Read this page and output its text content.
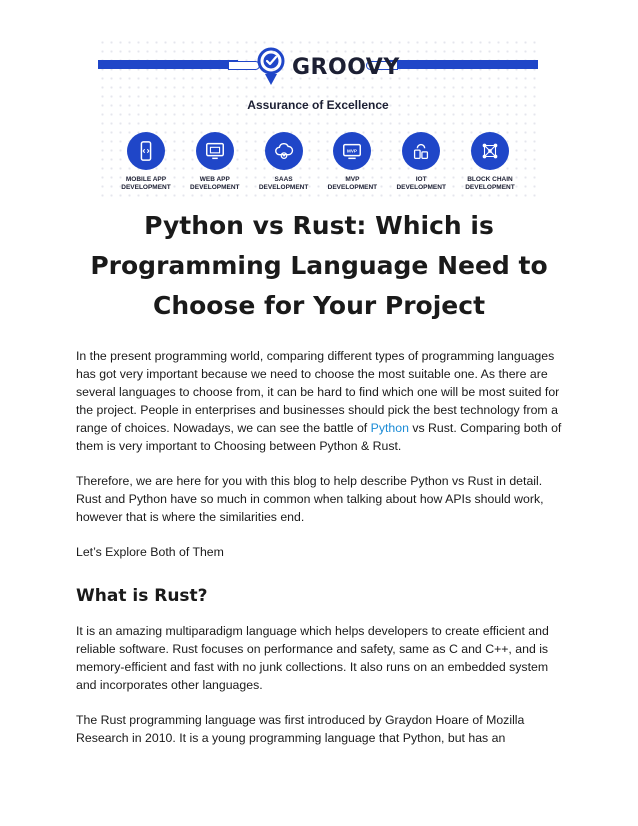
GROOVY
Assurance of Excellence
MOBILE APP
DEVELOPMENT
WEB APP
DEVELOPMENT
SAAS
DEVELOPMENT
MVP
MVP
DEVELOPMENT
IOT
DEVELOPMENT
BLOCK CHAIN
DEVELOPMENT
Python vs Rust: Which is Programming Language Need to Choose for Your Project

In the present programming world, comparing different types of programming languages has got very important because we need to choose the most suitable one. As there are several languages to choose from, it can be hard to find which one will be most suited for the project. People in enterprises and businesses should pick the best technology from a range of choices. Nowadays, we can see the battle of Python vs Rust. Comparing both of them is very important to Choosing between Python & Rust.

Therefore, we are here for you with this blog to help describe Python vs Rust in detail. Rust and Python have so much in common when talking about how APIs should work, however that is where the similarities end.

Let’s Explore Both of Them

What is Rust?

It is an amazing multiparadigm language which helps developers to create efficient and reliable software. Rust focuses on performance and safety, same as C and C++, and is memory-efficient and fast with no junk collections. It also runs on an embedded system and incorporates other languages.

The Rust programming language was first introduced by Graydon Hoare of Mozilla Research in 2010. It is a young programming language that Python, but has an
